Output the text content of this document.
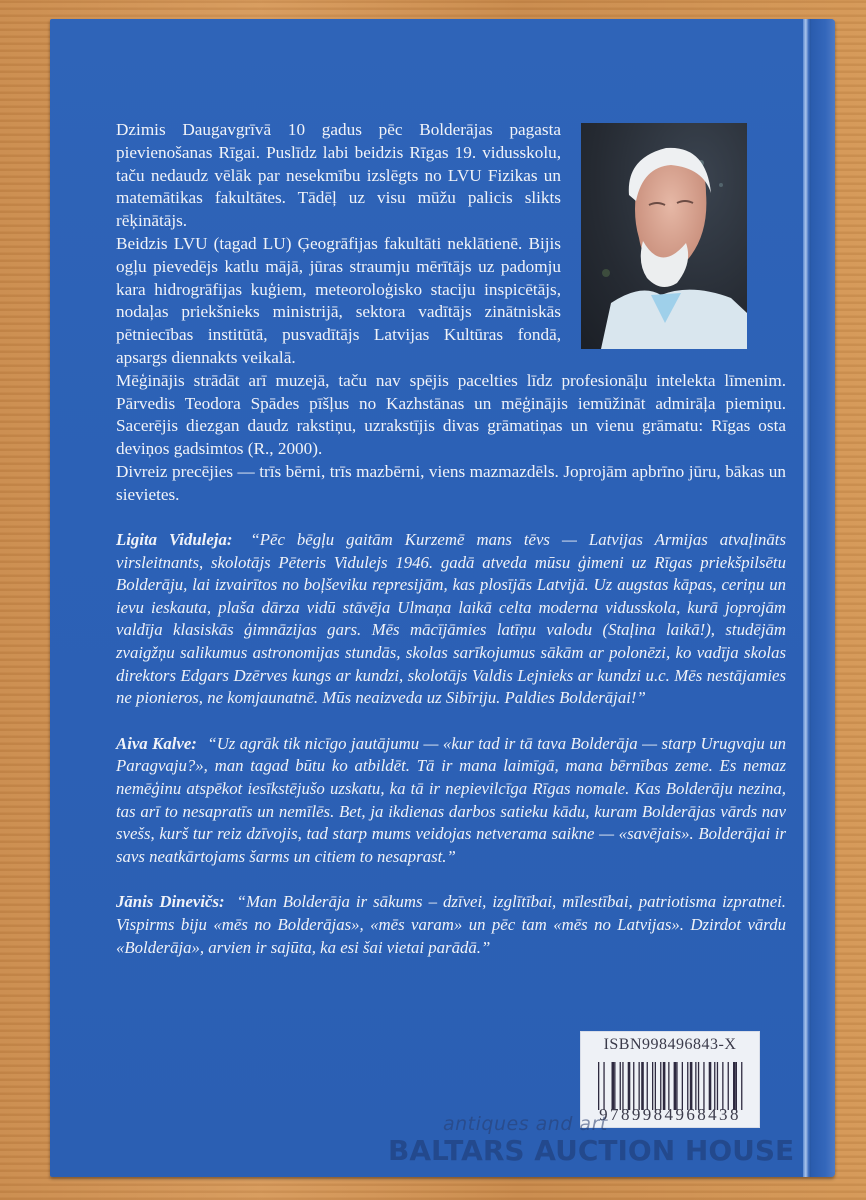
Dzimis Daugavgrīvā 10 gadus pēc Bolderājas pagasta pievienošanas Rīgai. Puslīdz labi beidzis Rīgas 19. vidusskolu, taču nedaudz vēlāk par nesekmību izslēgts no LVU Fizikas un matemātikas fakultātes. Tādēļ uz visu mūžu palicis slikts rēķinātājs.

Beidzis LVU (tagad LU) Ģeogrāfijas fakultāti neklātienē. Bijis ogļu pievedējs katlu mājā, jūras straumju mērītājs uz padomju kara hidrogrāfijas kuģiem, meteoroloģisko staciju inspicētājs, nodaļas priekšnieks ministrijā, sektora vadītājs zinātniskās pētniecības institūtā, pusvadītājs Latvijas Kultūras fondā, apsargs diennakts veikalā.

Mēģinājis strādāt arī muzejā, taču nav spējis pacelties līdz profesionāļu intelekta līmenim. Pārvedis Teodora Spādes pīšļus no Kazhstānas un mēģinājis iemūžināt admirāļa piemiņu. Sacerējis diezgan daudz rakstiņu, uzrakstījis divas grāmatiņas un vienu grāmatu: Rīgas osta deviņos gadsimtos (R., 2000).

Divreiz precējies — trīs bērni, trīs mazbērni, viens mazmazdēls. Joprojām apbrīno jūru, bākas un sievietes.

Ligita Viduleja: “Pēc bēgļu gaitām Kurzemē mans tēvs — Latvijas Armijas atvaļināts virsleitnants, skolotājs Pēteris Vidulejs 1946. gadā atveda mūsu ģimeni uz Rīgas priekšpilsētu Bolderāju, lai izvairītos no boļševiku represijām, kas plosījās Latvijā. Uz augstas kāpas, ceriņu un ievu ieskauta, plaša dārza vidū stāvēja Ulmaņa laikā celta moderna vidusskola, kurā joprojām valdīja klasiskās ģimnāzijas gars. Mēs mācījāmies latīņu valodu (Staļina laikā!), studējām zvaigžņu salikumus astronomijas stundās, skolas sarīkojumus sākām ar polonēzi, ko vadīja skolas direktors Edgars Dzērves kungs ar kundzi, skolotājs Valdis Lejnieks ar kundzi u.c. Mēs nestājamies ne pionieros, ne komjaunatnē. Mūs neaizveda uz Sibīriju. Paldies Bolderājai!”

Aiva Kalve: “Uz agrāk tik nicīgo jautājumu — «kur tad ir tā tava Bolderāja — starp Urugvaju un Paragvaju?», man tagad būtu ko atbildēt. Tā ir mana laimīgā, mana bērnības zeme. Es nemaz nemēģinu atspēkot iesīkstējušo uzskatu, ka tā ir nepievilcīga Rīgas nomale. Kas Bolderāju nezina, tas arī to nesapratīs un nemīlēs. Bet, ja ikdienas darbos satieku kādu, kuram Bolderājas vārds nav svešs, kurš tur reiz dzīvojis, tad starp mums veidojas netverama saikne — «savējais». Bolderājai ir savs neatkārtojams šarms un citiem to nesaprast.”

Jānis Dinevičs: “Man Bolderāja ir sākums – dzīvei, izglītībai, mīlestībai, patriotisma izpratnei. Vispirms biju «mēs no Bolderājas», «mēs varam» un pēc tam «mēs no Latvijas». Dzirdot vārdu «Bolderāja», arvien ir sajūta, ka esi šai vietai parādā.”

ISBN998496843-X
9789984968438
antiques and art
BALTARS AUCTION HOUSE
